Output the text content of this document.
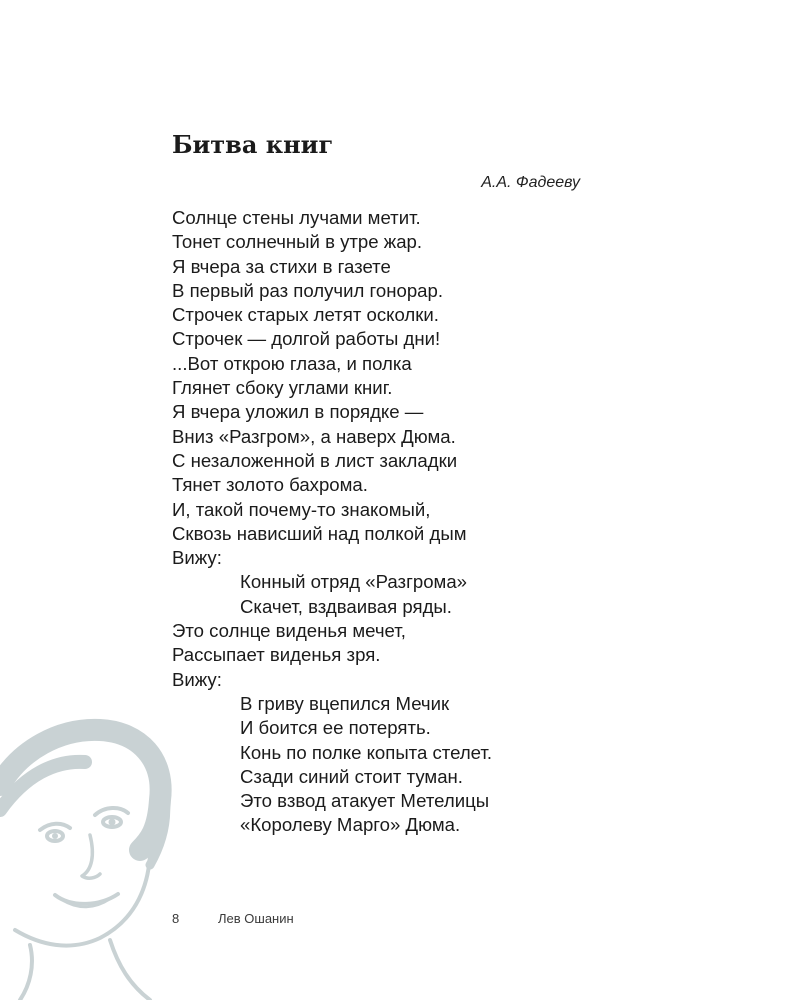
Битва книг
А.А. Фадееву
Солнце стены лучами метит.
Тонет солнечный в утре жар.
Я вчера за стихи в газете
В первый раз получил гонорар.
Строчек старых летят осколки.
Строчек — долгой работы дни!
...Вот открою глаза, и полка
Глянет сбоку углами книг.
Я вчера уложил в порядке —
Вниз «Разгром», а наверх Дюма.
С незаложенной в лист закладки
Тянет золото бахрома.
И, такой почему-то знакомый,
Сквозь нависший над полкой дым
Вижу:
Конный отряд «Разгрома»
Скачет, вздваивая ряды.
Это солнце виденья мечет,
Рассыпает виденья зря.
Вижу:
В гриву вцепился Мечик
И боится ее потерять.
Конь по полке копыта стелет.
Сзади синий стоит туман.
Это взвод атакует Метелицы
«Королеву Марго» Дюма.
8	Лев Ошанин
